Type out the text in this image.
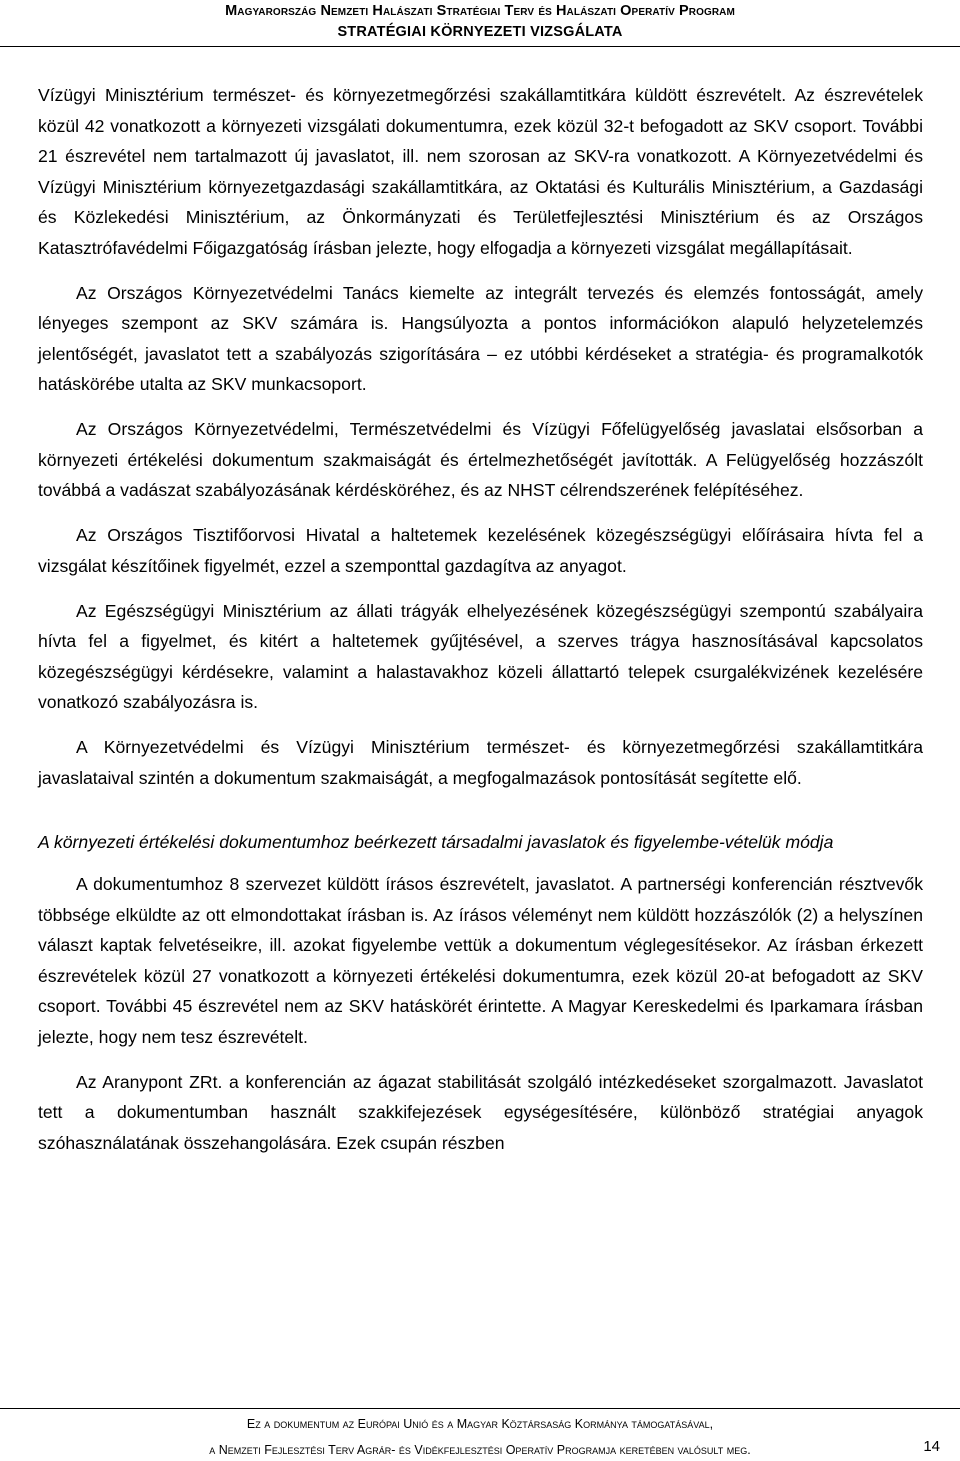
Magyarország Nemzeti Halászati Stratégiai Terv és Halászati Operatív Program
STRATÉGIAI KÖRNYEZETI VIZSGÁLATA

Vízügyi Minisztérium természet- és környezetmegőrzési szakállamtitkára küldött észrevételt. Az észrevételek közül 42 vonatkozott a környezeti vizsgálati dokumentumra, ezek közül 32-t befogadott az SKV csoport. További 21 észrevétel nem tartalmazott új javaslatot, ill. nem szorosan az SKV-ra vonatkozott. A Környezetvédelmi és Vízügyi Minisztérium környezetgazdasági szakállamtitkára, az Oktatási és Kulturális Minisztérium, a Gazdasági és Közlekedési Minisztérium, az Önkormányzati és Területfejlesztési Minisztérium és az Országos Katasztrófavédelmi Főigazgatóság írásban jelezte, hogy elfogadja a környezeti vizsgálat megállapításait.

Az Országos Környezetvédelmi Tanács kiemelte az integrált tervezés és elemzés fontosságát, amely lényeges szempont az SKV számára is. Hangsúlyozta a pontos információkon alapuló helyzetelemzés jelentőségét, javaslatot tett a szabályozás szigorítására – ez utóbbi kérdéseket a stratégia- és programalkotók hatáskörébe utalta az SKV munkacsoport.

Az Országos Környezetvédelmi, Természetvédelmi és Vízügyi Főfelügyelőség javaslatai elsősorban a környezeti értékelési dokumentum szakmaiságát és értelmezhetőségét javították. A Felügyelőség hozzászólt továbbá a vadászat szabályozásának kérdésköréhez, és az NHST célrendszerének felépítéséhez.

Az Országos Tisztifőorvosi Hivatal a haltetemek kezelésének közegészségügyi előírásaira hívta fel a vizsgálat készítőinek figyelmét, ezzel a szemponttal gazdagítva az anyagot.

Az Egészségügyi Minisztérium az állati trágyák elhelyezésének közegészségügyi szempontú szabályaira hívta fel a figyelmet, és kitért a haltetemek gyűjtésével, a szerves trágya hasznosításával kapcsolatos közegészségügyi kérdésekre, valamint a halastavakhoz közeli állattartó telepek csurgalékvizének kezelésére vonatkozó szabályozásra is.

A Környezetvédelmi és Vízügyi Minisztérium természet- és környezetmegőrzési szakállamtitkára javaslataival szintén a dokumentum szakmaiságát, a megfogalmazások pontosítását segítette elő.

A környezeti értékelési dokumentumhoz beérkezett társadalmi javaslatok és figyelembe-vételük módja

A dokumentumhoz 8 szervezet küldött írásos észrevételt, javaslatot. A partnerségi konferencián résztvevők többsége elküldte az ott elmondottakat írásban is. Az írásos véleményt nem küldött hozzászólók (2) a helyszínen választ kaptak felvetéseikre, ill. azokat figyelembe vettük a dokumentum véglegesítésekor. Az írásban érkezett észrevételek közül 27 vonatkozott a környezeti értékelési dokumentumra, ezek közül 20-at befogadott az SKV csoport. További 45 észrevétel nem az SKV hatáskörét érintette. A Magyar Kereskedelmi és Iparkamara írásban jelezte, hogy nem tesz észrevételt.

Az Aranypont ZRt. a konferencián az ágazat stabilitását szolgáló intézkedéseket szorgalmazott. Javaslatot tett a dokumentumban használt szakkifejezések egységesítésére, különböző stratégiai anyagok szóhasználatának összehangolására. Ezek csupán részben

Ez a dokumentum az Európai Unió és a Magyar Köztársaság Kormánya támogatásával,
a Nemzeti Fejlesztési Terv Agrár- és Vidékfejlesztési Operatív Programja keretében valósult meg.	14
